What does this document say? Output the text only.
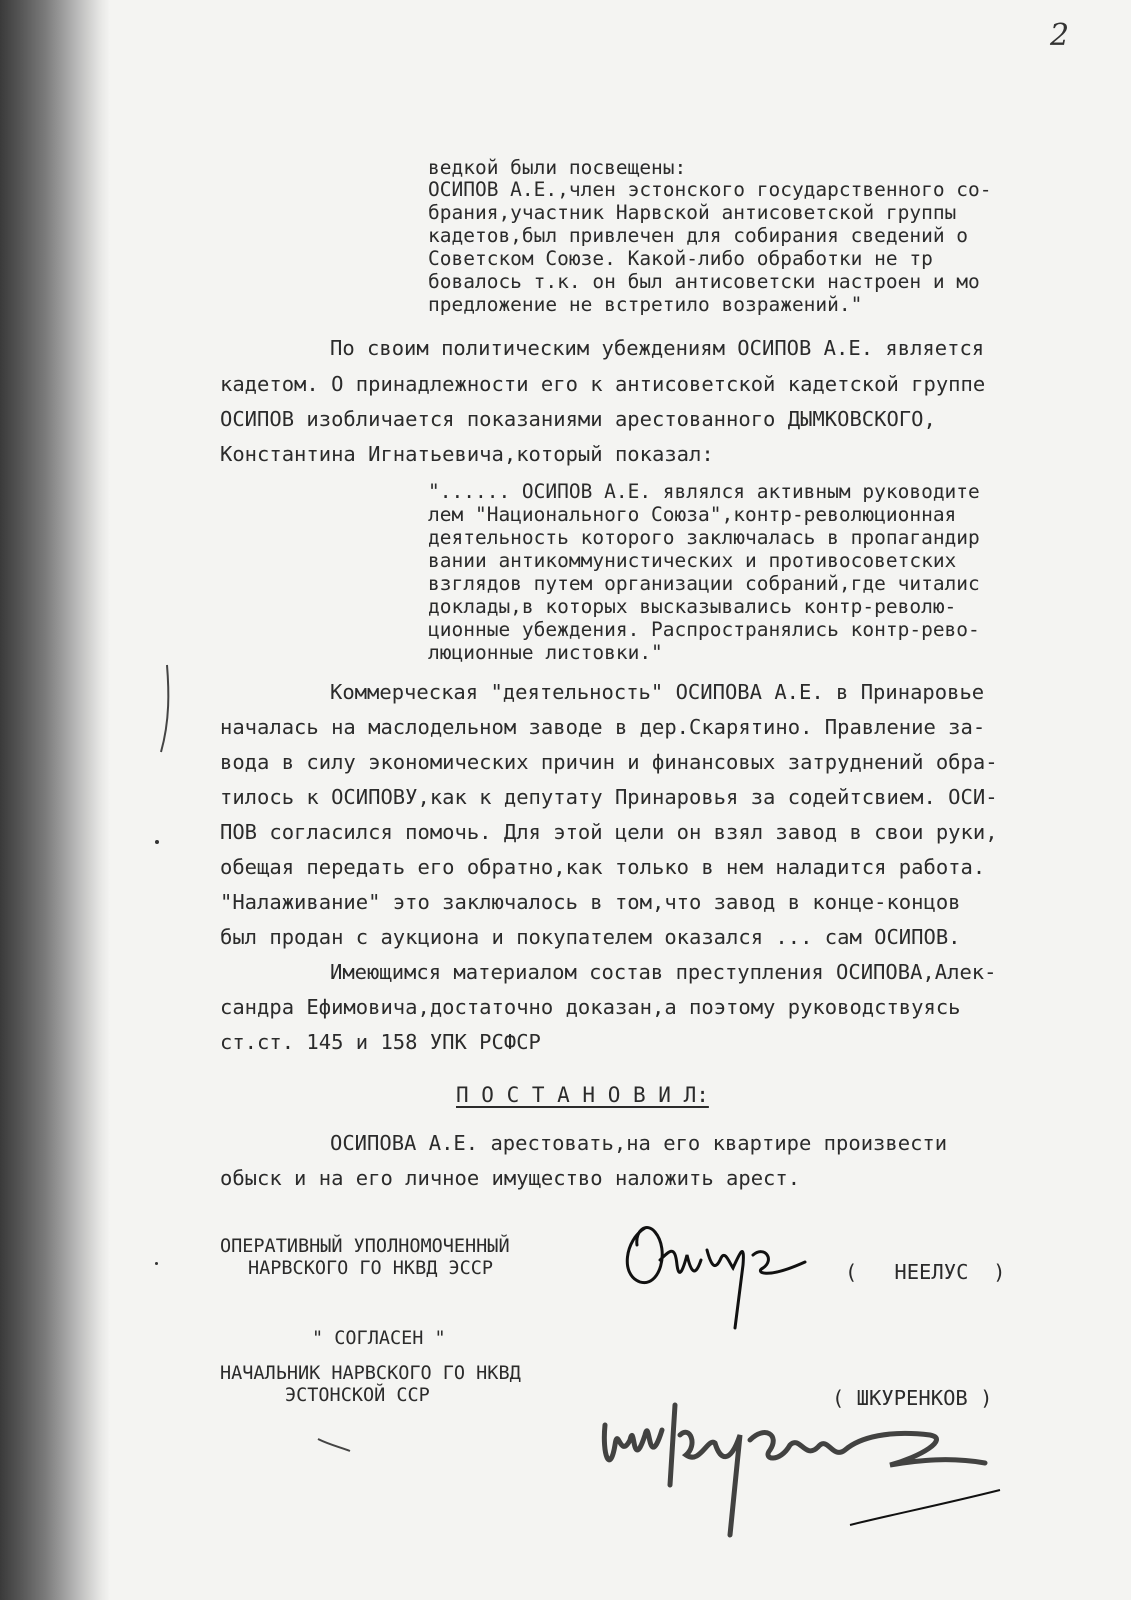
2
ведкой были посвещены:
ОСИПОВ А.Е.,член эстонского государственного со-
брания,участник Нарвской антисоветской группы
кадетов,был привлечен для собирания сведений о
Советском Союзе. Какой-либо обработки не тр
бовалось т.к. он был антисоветски настроен и мо
предложение не встретило возражений."
По своим политическим убеждениям ОСИПОВ А.Е. является
кадетом. О принадлежности его к антисоветской кадетской группе
ОСИПОВ изобличается показаниями арестованного ДЫМКОВСКОГО,
Константина Игнатьевича,который показал:
"...... ОСИПОВ А.Е. являлся активным руководите
лем "Национального Союза",контр-революционная
деятельность которого заключалась в пропагандир
вании антикоммунистических и противосоветских
взглядов путем организации собраний,где читалис
доклады,в которых высказывались контр-револю-
ционные убеждения. Распространялись контр-рево-
люционные листовки."
Коммерческая "деятельность" ОСИПОВА А.Е. в Принаровье
началась на маслодельном заводе в дер.Скарятино. Правление за-
вода в силу экономических причин и финансовых затруднений обра-
тилось к ОСИПОВУ,как к депутату Принаровья за содейтсвием. ОСИ-
ПОВ согласился помочь. Для этой цели он взял завод в свои руки,
обещая передать его обратно,как только в нем наладится работа.
"Налаживание" это заключалось в том,что завод в конце-концов
был продан с аукциона и покупателем оказался ... сам ОСИПОВ.
Имеющимся материалом состав преступления ОСИПОВА,Алек-
сандра Ефимовича,достаточно доказан,а поэтому руководствуясь
ст.ст. 145 и 158 УПК РСФСР
П О С Т А Н О В И Л:
ОСИПОВА А.Е. арестовать,на его квартире произвести
обыск и на его личное имущество наложить арест.
ОПЕРАТИВНЫЙ УПОЛНОМОЧЕННЫЙ
НАРВСКОГО ГО НКВД ЭССР	(   НЕЕЛУС  )
" СОГЛАСЕН "
НАЧАЛЬНИК НАРВСКОГО ГО НКВД
ЭСТОНСКОЙ ССР	( ШКУРЕНКОВ )
